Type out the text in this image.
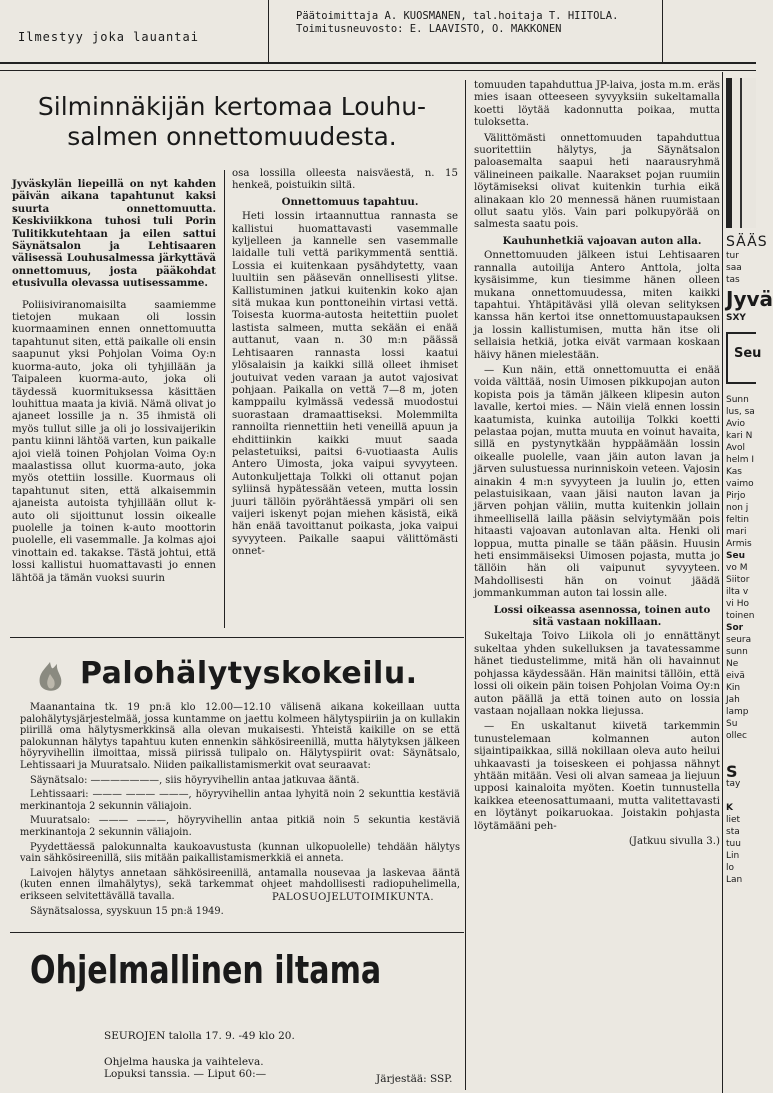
Ilmestyy joka lauantai
Päätoimittaja A. KUOSMANEN, tal.hoitaja T. HIITOLA.
Toimitusneuvosto: E. LAAVISTO, O. MAKKONEN
Silminnäkijän kertomaa Louhu-salmen onnettomuudesta.

Jyväskylän liepeillä on nyt kahden päivän aikana tapahtunut kaksi suurta onnettomuutta. Keskiviikkona tuhosi tuli Porin Tulitikkutehtaan ja eilen sattui Säynätsalon ja Lehtisaaren välisessä Louhusalmessa järkyttävä onnettomuus, josta pääkohdat etusivulla olevassa uutisessamme.

Poliisiviranomaisilta saamiemme tietojen mukaan oli lossin kuormaaminen ennen onnettomuutta tapahtunut siten, että paikalle oli ensin saapunut yksi Pohjolan Voima Oy:n kuorma-auto, joka oli tyhjillään ja Taipaleen kuorma-auto, joka oli täydessä kuormituksessa käsittäen louhittua maata ja kiviä. Nämä olivat jo ajaneet lossille ja n. 35 ihmistä oli myös tullut sille ja oli jo lossivaijerikin pantu kiinni lähtöä varten, kun paikalle ajoi vielä toinen Pohjolan Voima Oy:n maalastissa ollut kuorma-auto, joka myös otettiin lossille. Kuormaus oli tapahtunut siten, että alkaisemmin ajaneista autoista tyhjillään ollut k-auto oli sijoittunut lossin oikealle puolelle ja toinen k-auto moottorin puolelle, eli vasemmalle. Ja kolmas ajoi vinottain ed. takakse. Tästä johtui, että lossi kallistui huomattavasti jo ennen lähtöä ja tämän vuoksi suurin

osa lossilla olleesta naisväestä, n. 15 henkeä, poistuikin siltä.

Onnettomuus tapahtuu.

Heti lossin irtaannuttua rannasta se kallistui huomattavasti vasemmalle kyljelleen ja kannelle sen vasemmalle laidalle tuli vettä parikymmentä senttiä. Lossia ei kuitenkaan pysähdytetty, vaan luultiin sen pääsevän onnellisesti ylitse. Kallistuminen jatkui kuitenkin koko ajan sitä mukaa kun ponttoneihin virtasi vettä. Toisesta kuorma-autosta heitettiin puolet lastista salmeen, mutta sekään ei enää auttanut, vaan n. 30 m:n päässä Lehtisaaren rannasta lossi kaatui ylösalaisin ja kaikki sillä olleet ihmiset joutuivat veden varaan ja autot vajosivat pohjaan. Paikalla on vettä 7—8 m, joten kamppailu kylmässä vedessä muodostui suorastaan dramaattiseksi. Molemmilta rannoilta riennettiin heti veneillä apuun ja ehdittiinkin kaikki muut saada pelastetuiksi, paitsi 6-vuotiaasta Aulis Antero Uimosta, joka vaipui syvyyteen. Autonkuljettaja Tolkki oli ottanut pojan syliinsä hypätessään veteen, mutta lossin juuri tällöin pyörähtäessä ympäri oli sen vaijeri iskenyt pojan miehen käsistä, eikä hän enää tavoittanut poikasta, joka vaipui syvyyteen. Paikalle saapui välittömästi onnet-

tomuuden tapahduttua JP-laiva, josta m.m. eräs mies isaan otteeseen syvyyksiin sukeltamalla koetti löytää kadonnutta poikaa, mutta tuloksetta.

Välittömästi onnettomuuden tapahduttua suoritettiin hälytys, ja Säynätsalon paloasemalta saapui heti naarausryhmä välineineen paikalle. Naarakset pojan ruumiin löytämiseksi olivat kuitenkin turhia eikä alinakaan klo 20 mennessä hänen ruumistaan ollut saatu ylös. Vain pari polkupyörää on salmesta saatu pois.

Kauhunhetkiä vajoavan auton alla.

Onnettomuuden jälkeen istui Lehtisaaren rannalla autoilija Antero Anttola, jolta kysäisimme, kun tiesimme hänen olleen mukana onnettomuudessa, miten kaikki tapahtui. Yhtäpitäväsi yllä olevan selityksen kanssa hän kertoi itse onnettomuustapauksen ja lossin kallistumisen, mutta hän itse oli sellaisia hetkiä, jotka eivät varmaan koskaan häivy hänen mielestään.

— Kun näin, että onnettomuutta ei enää voida välttää, nosin Uimosen pikkupojan auton kopista pois ja tämän jälkeen klipesin auton lavalle, kertoi mies. — Näin vielä ennen lossin kaatumista, kuinka autoilija Tolkki koetti pelastaa pojan, mutta muuta en voinut havaita, sillä en pystynytkään hyppäämään lossin oikealle puolelle, vaan jäin auton lavan ja järven sulustuessa nurinniskoin veteen. Vajosin ainakin 4 m:n syvyyteen ja luulin jo, etten pelastuisikaan, vaan jäisi nauton lavan ja järven pohjan väliin, mutta kuitenkin jollain ihmeellisellä lailla pääsin selviytymään pois hitaasti vajoavan autonlavan alta. Henki oli loppua, mutta pinalle se tään pääsin. Huusin heti ensimmäiseksi Uimosen pojasta, mutta jo tällöin hän oli vaipunut syvyyteen. Mahdollisesti hän on voinut jäädä jommankumman auton tai lossin alle.

Lossi oikeassa asennossa, toinen auto sitä vastaan nokillaan.

Sukeltaja Toivo Liikola oli jo ennättänyt sukeltaa yhden sukelluksen ja tavatessamme hänet tiedustelimme, mitä hän oli havainnut pohjassa käydessään. Hän mainitsi tällöin, että lossi oli oikein päin toisen Pohjolan Voima Oy:n auton päällä ja että toinen auto on lossia vastaan nojallaan nokka liejussa.

— En uskaltanut kiivetä tarkemmin tunustelemaan kolmannen auton sijaintipaikkaa, sillä nokillaan oleva auto heilui uhkaavasti ja toiseskeen ei pohjassa nähnyt yhtään mitään. Vesi oli alvan sameaa ja liejuun upposi kainaloita myöten. Koetin tunnustella kaikkea eteenosattumaani, mutta valitettavasti en löytänyt poikaruokaa. Joistakin pohjasta löytämääni peh-

(Jatkuu sivulla 3.)

Palohälytyskokeilu.

Maanantaina tk. 19 pn:ä klo 12.00—12.10 välisenä aikana kokeillaan uutta palohälytysjärjestelmää, jossa kuntamme on jaettu kolmeen hälytyspiiriin ja on kullakin piirillä oma hälytysmerkkinsä alla olevan mukaisesti. Yhteistä kaikille on se että palokunnan hälytys tapahtuu kuten ennenkin sähkösireenillä, mutta hälytyksen jälkeen höyryvihellin ilmoittaa, missä piirissä tulipalo on. Hälytyspiirit ovat: Säynätsalo, Lehtissaari ja Muuratsalo. Niiden paikallistamismerkit ovat seuraavat:

Säynätsalo: ———————, siis höyryvihellin antaa jatkuvaa ääntä.

Lehtissaari: ——— ——— ———, höyryvihellin antaa lyhyitä noin 2 sekunttia kestäviä merkinantoja 2 sekunnin väliajoin.

Muuratsalo: ——— ———, höyryvihellin antaa pitkiä noin 5 sekuntia kestäviä merkinantoja 2 sekunnin väliajoin.

Pyydettäessä palokunnalta kaukoavustusta (kunnan ulkopuolelle) tehdään hälytys vain sähkösireenillä, siis mitään paikallistamismerkkiä ei anneta.

Laivojen hälytys annetaan sähkösireenillä, antamalla nousevaa ja laskevaa ääntä (kuten ennen ilmahälytys), sekä tarkemmat ohjeet mahdollisesti radiopuhelimella, erikseen selvitettävällä tavalla.

Säynätsalossa, syyskuun 15 pn:ä 1949.

PALOSUOJELUTOIMIKUNTA.
Ohjelmallinen iltama
SEUROJEN talolla 17. 9. -49 klo 20.
Ohjelma hauska ja vaihteleva.
Lopuksi tanssia. — Liput 60:—	Järjestää: SSP.
SÄÄS
tur
saa
tas
Jyvä
SXY
Seu
Sunn
lus, sa
Avio
kari N
Avol
helm I
Kas
vaimo
Pirjo
non j
feltin
mari
Armis
Seu
vo M
Siitor
ilta v
vi Ho
toinen
Sor
seura
sunn
Ne
eivä
Kin
Jah
lamp
Su
ollec
S
tay
K
liet
sta
tuu
Lin
lo
Lan
